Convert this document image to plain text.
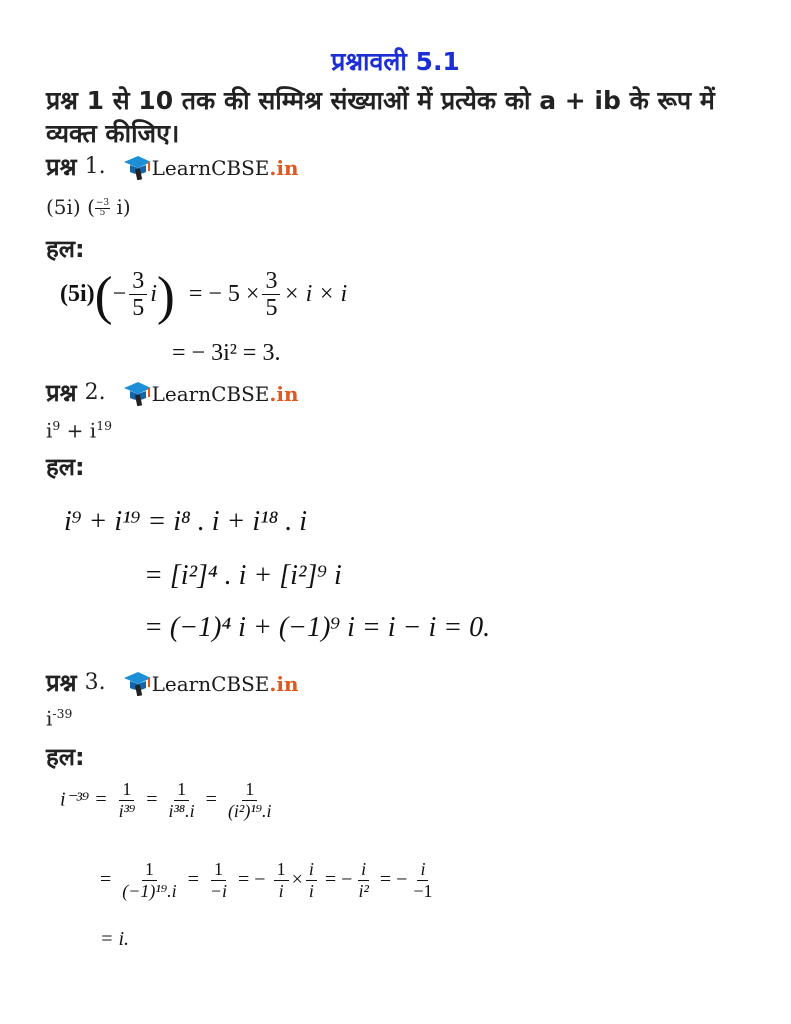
प्रश्नावली 5.1
प्रश्न 1 से 10 तक की सम्मिश्र संख्याओं में प्रत्येक को a + ib के रूप में व्यक्त कीजिए।
प्रश्न 1. LearnCBSE .in
(5i) ( $\frac{-3}{5} i$)
हल:
$(5i)(- \frac{3}{5} i)$ = − $5 \times \frac{3}{5} \times i \times i$
= − 3i² = 3.
प्रश्न 2. LearnCBSE .in
$i^9 + i^{19}$
हल:
i⁹ + i¹⁹ = i⁸ . i + i¹⁸ . i
= [i²]⁴ . i + [i²]⁹ i
= (−1)⁴ i + (−1)⁹ i = i − i = 0.
प्रश्न 3. LearnCBSE .in
$i^{-39}$
हल:
$i^{-39} = \frac{1}{\text{i³⁹}} = \frac{1}{\text{i³⁸.i}} = \frac{1}{\text{(i²)¹⁹.i}}$
= $\frac{1}{\text{(−1)¹⁹.i}} = \frac{1}{-i}$ = − $\frac{1}{i} \times \frac{i}{i}$ = − $\frac{i}{\text{i²}}$ = − $\frac{i}{-1}$
= i.
